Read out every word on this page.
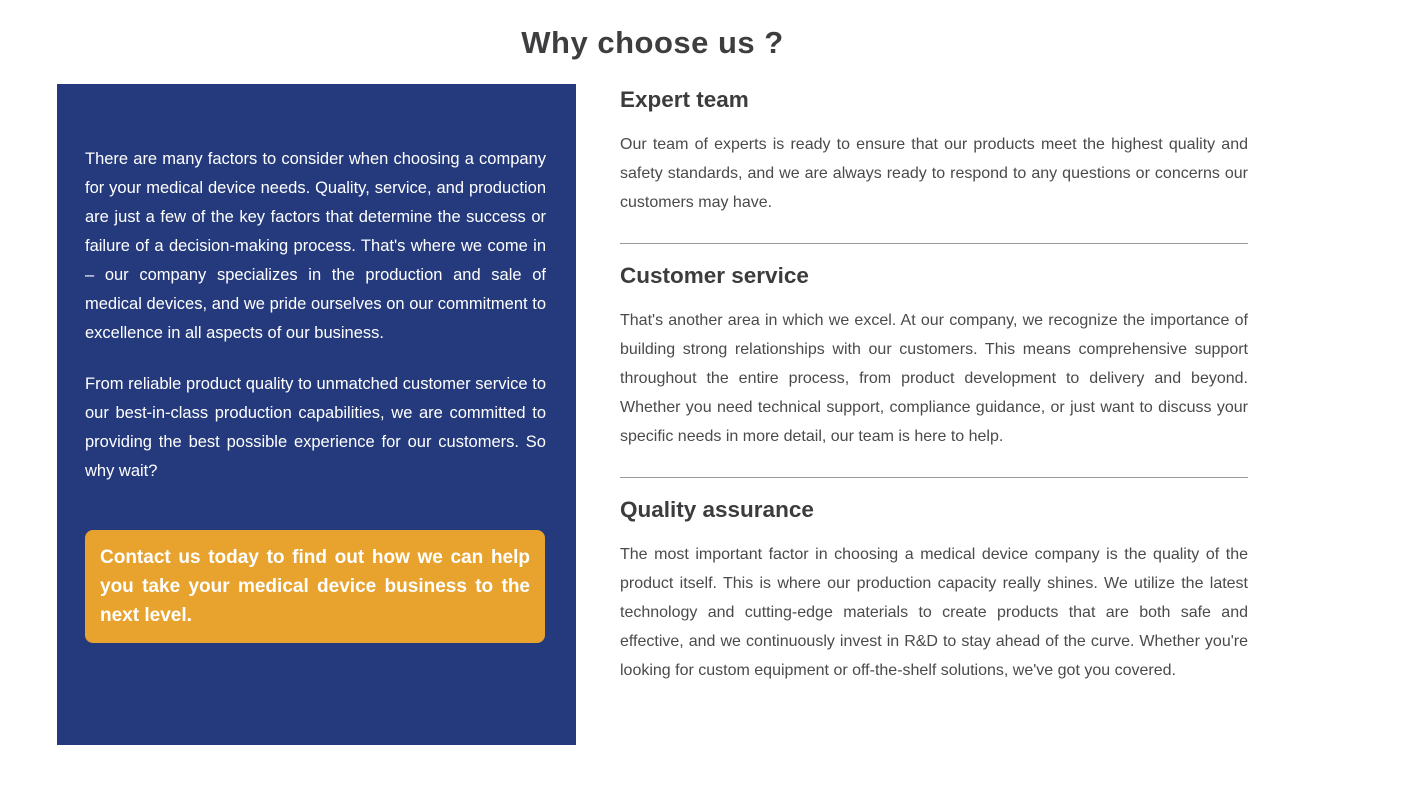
Why choose us ?

There are many factors to consider when choosing a company for your medical device needs. Quality, service, and production are just a few of the key factors that determine the success or failure of a decision-making process. That's where we come in – our company specializes in the production and sale of medical devices, and we pride ourselves on our commitment to excellence in all aspects of our business.

From reliable product quality to unmatched customer service to our best-in-class production capabilities, we are committed to providing the best possible experience for our customers. So why wait?

Contact us today to find out how we can help you take your medical device business to the next level.
Expert team

Our team of experts is ready to ensure that our products meet the highest quality and safety standards, and we are always ready to respond to any questions or concerns our customers may have.

Customer service

That's another area in which we excel. At our company, we recognize the importance of building strong relationships with our customers. This means comprehensive support throughout the entire process, from product development to delivery and beyond. Whether you need technical support, compliance guidance, or just want to discuss your specific needs in more detail, our team is here to help.

Quality assurance

The most important factor in choosing a medical device company is the quality of the product itself. This is where our production capacity really shines. We utilize the latest technology and cutting-edge materials to create products that are both safe and effective, and we continuously invest in R&D to stay ahead of the curve. Whether you're looking for custom equipment or off-the-shelf solutions, we've got you covered.
